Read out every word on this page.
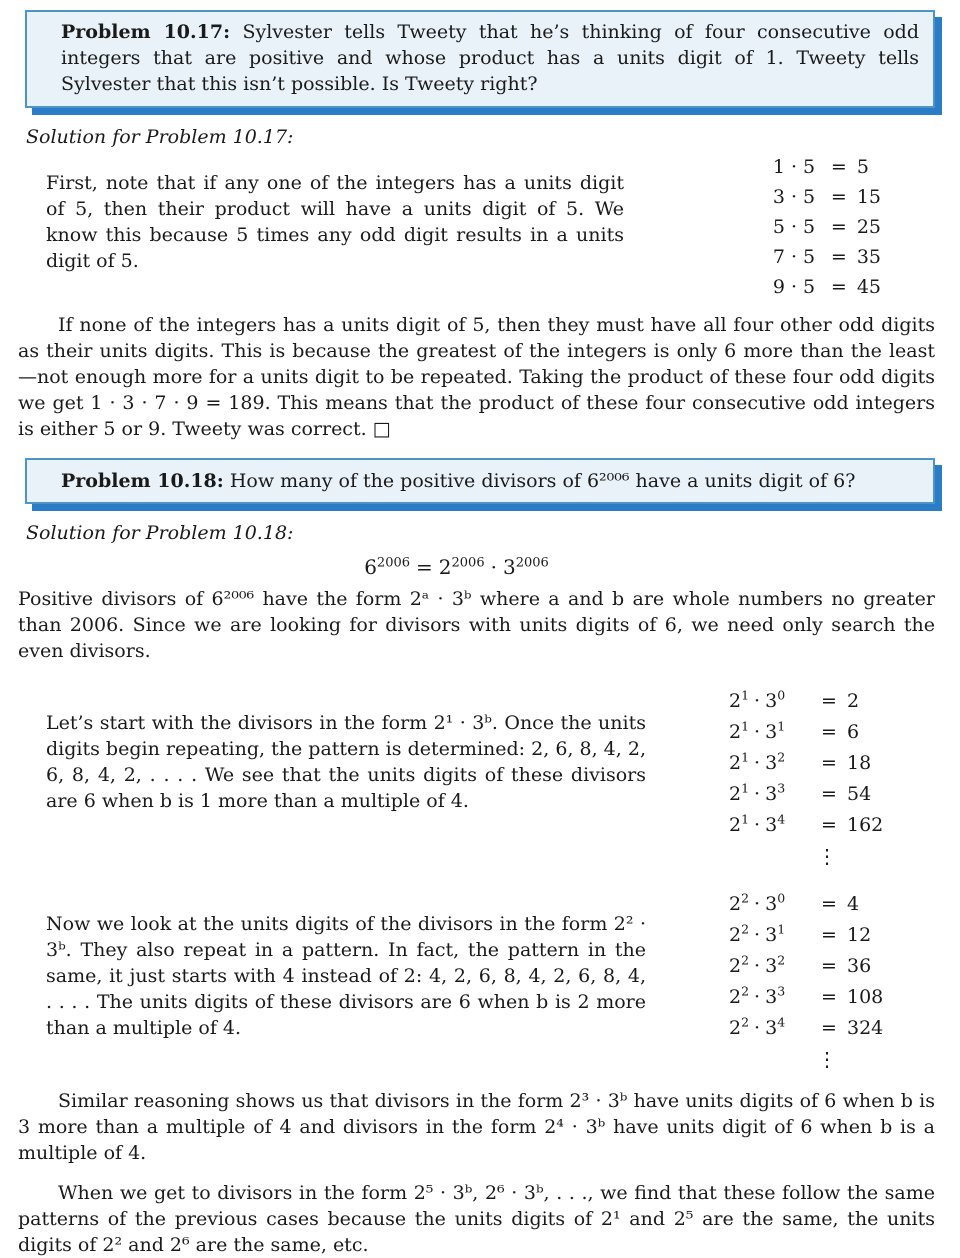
Problem 10.17: Sylvester tells Tweety that he’s thinking of four consecutive odd integers that are positive and whose product has a units digit of 1. Tweety tells Sylvester that this isn’t possible. Is Tweety right?

Solution for Problem 10.17:

First, note that if any one of the integers has a units digit of 5, then their product will have a units digit of 5. We know this because 5 times any odd digit results in a units digit of 5.

1 · 5 = 5
3 · 5 = 15
5 · 5 = 25
7 · 5 = 35
9 · 5 = 45

If none of the integers has a units digit of 5, then they must have all four other odd digits as their units digits. This is because the greatest of the integers is only 6 more than the least—not enough more for a units digit to be repeated. Taking the product of these four odd digits we get 1 · 3 · 7 · 9 = 189. This means that the product of these four consecutive odd integers is either 5 or 9. Tweety was correct. □

Problem 10.18: How many of the positive divisors of 6²⁰⁰⁶ have a units digit of 6?

Solution for Problem 10.18:

$6^{2006} = 2^{2006} \cdot 3^{2006}$

Positive divisors of 6²⁰⁰⁶ have the form 2ᵃ · 3ᵇ where a and b are whole numbers no greater than 2006. Since we are looking for divisors with units digits of 6, we need only search the even divisors.

Let’s start with the divisors in the form 2¹ · 3ᵇ. Once the units digits begin repeating, the pattern is determined: 2, 6, 8, 4, 2, 6, 8, 4, 2, . . . . We see that the units digits of these divisors are 6 when b is 1 more than a multiple of 4.

$2^1 \cdot 3^0$	= 2
$2^1 \cdot 3^1$	= 6
$2^1 \cdot 3^2$	= 18
$2^1 \cdot 3^3$	= 54
$2^1 \cdot 3^4$	= 162
⋮

Now we look at the units digits of the divisors in the form 2² · 3ᵇ. They also repeat in a pattern. In fact, the pattern in the same, it just starts with 4 instead of 2: 4, 2, 6, 8, 4, 2, 6, 8, 4, . . . . The units digits of these divisors are 6 when b is 2 more than a multiple of 4.

$2^2 \cdot 3^0$	= 4
$2^2 \cdot 3^1$	= 12
$2^2 \cdot 3^2$	= 36
$2^2 \cdot 3^3$	= 108
$2^2 \cdot 3^4$	= 324
⋮

Similar reasoning shows us that divisors in the form 2³ · 3ᵇ have units digits of 6 when b is 3 more than a multiple of 4 and divisors in the form 2⁴ · 3ᵇ have units digit of 6 when b is a multiple of 4.

When we get to divisors in the form 2⁵ · 3ᵇ, 2⁶ · 3ᵇ, . . ., we find that these follow the same patterns of the previous cases because the units digits of 2¹ and 2⁵ are the same, the units digits of 2² and 2⁶ are the same, etc.
